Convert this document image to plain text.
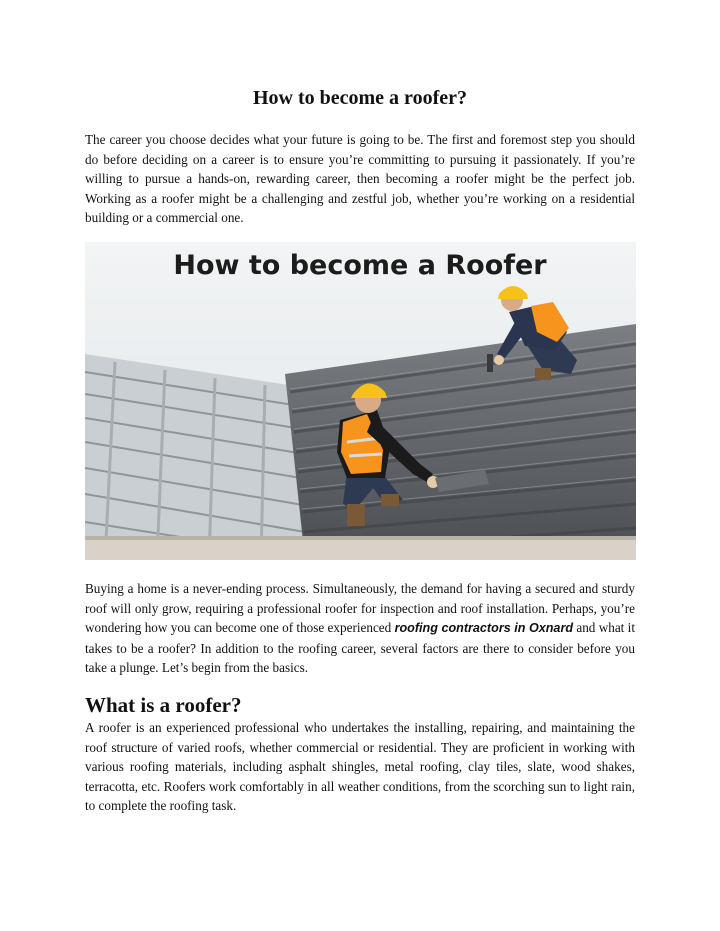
How to become a roofer?
The career you choose decides what your future is going to be. The first and foremost step you should do before deciding on a career is to ensure you’re committing to pursuing it passionately. If you’re willing to pursue a hands-on, rewarding career, then becoming a roofer might be the perfect job. Working as a roofer might be a challenging and zestful job, whether you’re working on a residential building or a commercial one.
How to become a Roofer
Buying a home is a never-ending process. Simultaneously, the demand for having a secured and sturdy roof will only grow, requiring a professional roofer for inspection and roof installation. Perhaps, you’re wondering how you can become one of those experienced roofing contractors in Oxnard and what it takes to be a roofer? In addition to the roofing career, several factors are there to consider before you take a plunge. Let’s begin from the basics.
What is a roofer?
A roofer is an experienced professional who undertakes the installing, repairing, and maintaining the roof structure of varied roofs, whether commercial or residential. They are proficient in working with various roofing materials, including asphalt shingles, metal roofing, clay tiles, slate, wood shakes, terracotta, etc. Roofers work comfortably in all weather conditions, from the scorching sun to light rain, to complete the roofing task.
